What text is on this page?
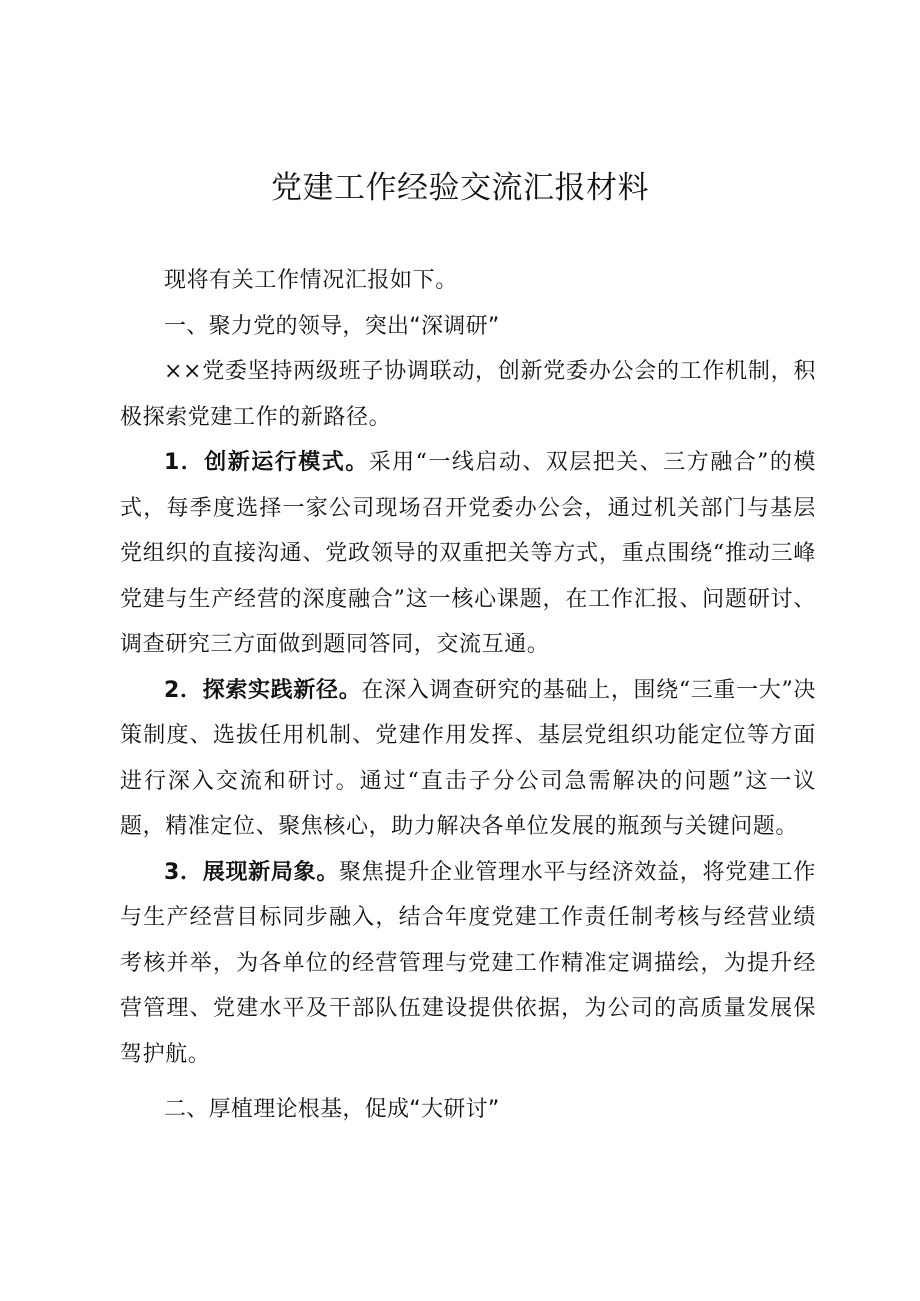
党建工作经验交流汇报材料

现将有关工作情况汇报如下。

一、聚力党的领导，突出“深调研”

××党委坚持两级班子协调联动，创新党委办公会的工作机制，积极探索党建工作的新路径。

1．创新运行模式。采用“一线启动、双层把关、三方融合”的模式，每季度选择一家公司现场召开党委办公会，通过机关部门与基层党组织的直接沟通、党政领导的双重把关等方式，重点围绕“推动三峰党建与生产经营的深度融合”这一核心课题，在工作汇报、问题研讨、调查研究三方面做到题同答同，交流互通。

2．探索实践新径。在深入调查研究的基础上，围绕“三重一大”决策制度、选拔任用机制、党建作用发挥、基层党组织功能定位等方面进行深入交流和研讨。通过“直击子分公司急需解决的问题”这一议题，精准定位、聚焦核心，助力解决各单位发展的瓶颈与关键问题。

3．展现新局象。聚焦提升企业管理水平与经济效益，将党建工作与生产经营目标同步融入，结合年度党建工作责任制考核与经营业绩考核并举，为各单位的经营管理与党建工作精准定调描绘，为提升经营管理、党建水平及干部队伍建设提供依据，为公司的高质量发展保驾护航。

二、厚植理论根基，促成“大研讨”
